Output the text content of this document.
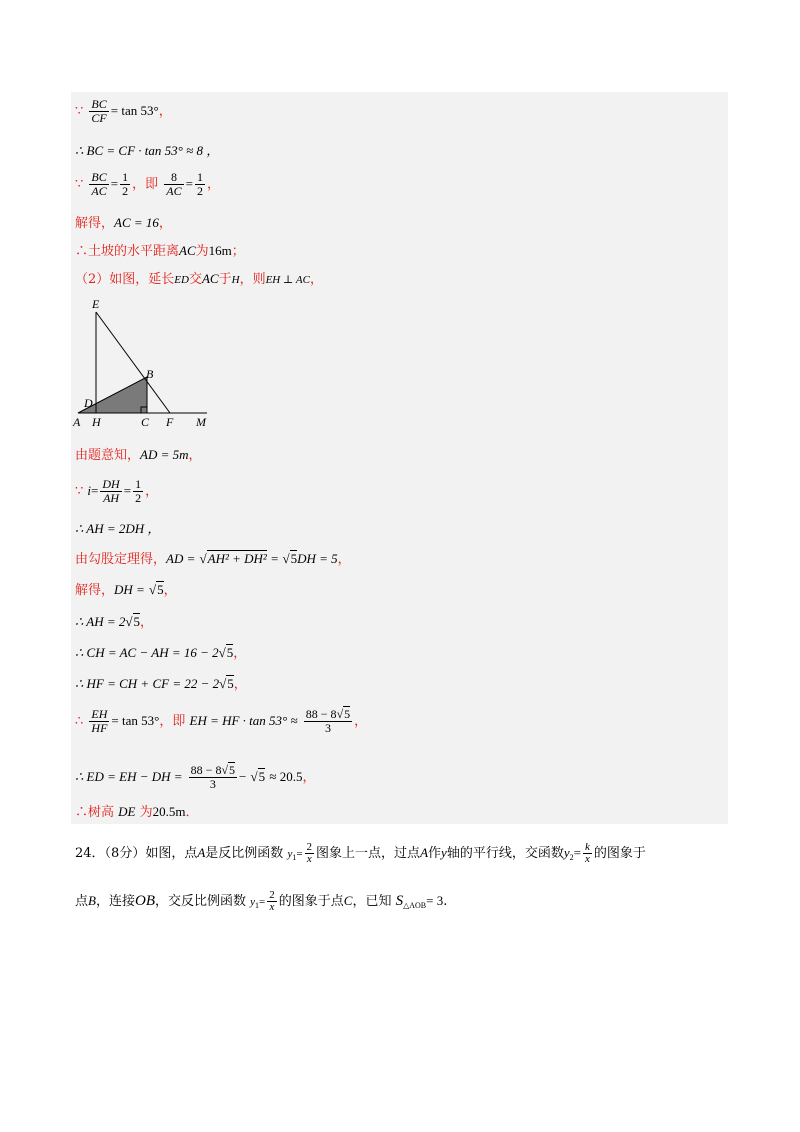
∵ $\frac{BC}{CF} = \tan 53^\circ$，
∴ BC = CF · tan 53° ≈ 8 ，
∵ $\frac{BC}{AC} = \frac{1}{2}$ ，即 $\frac{8}{AC} = \frac{1}{2}$ ，
解得，AC = 16，
∴土坡的水平距离AC为16m；
（2）如图，延长ED交AC于H，则EH ⊥ AC，
E
B
D
A H	C F M
由题意知，AD = 5m，
∵ $i= \frac{DH}{AH} = \frac{1}{2}$ ，
∴ AH = 2DH ，
由勾股定理得，AD = √AH² + DH² = √5DH = 5，
解得，DH = √5，
∴ AH = 2√5，
∴ CH = AC − AH = 16 − 2√5，
∴ HF = CH + CF = 22 − 2√5，
∴ $\frac{EH}{HF} = \tan 53^\circ$，即 EH = HF · $\tan 53^\circ \approx \frac{88 - 8√5}{3}$ ，
∴ ED = EH − DH = $\frac{88 - 8√5}{3} - √5 \approx 20.5$，
∴树高 DE 为20.5m．
24．（8分）如图，点A是反比例函数 $y_1= \frac{2}{x}$ 图象上一点，过点A作y轴的平行线，交函数$y_2= \frac{k}{x}$ 的图象于
点B，连接OB，交反比例函数 $y_1= \frac{2}{x}$ 的图象于点C，已知 $S_{\triangle AOB}= 3$.
